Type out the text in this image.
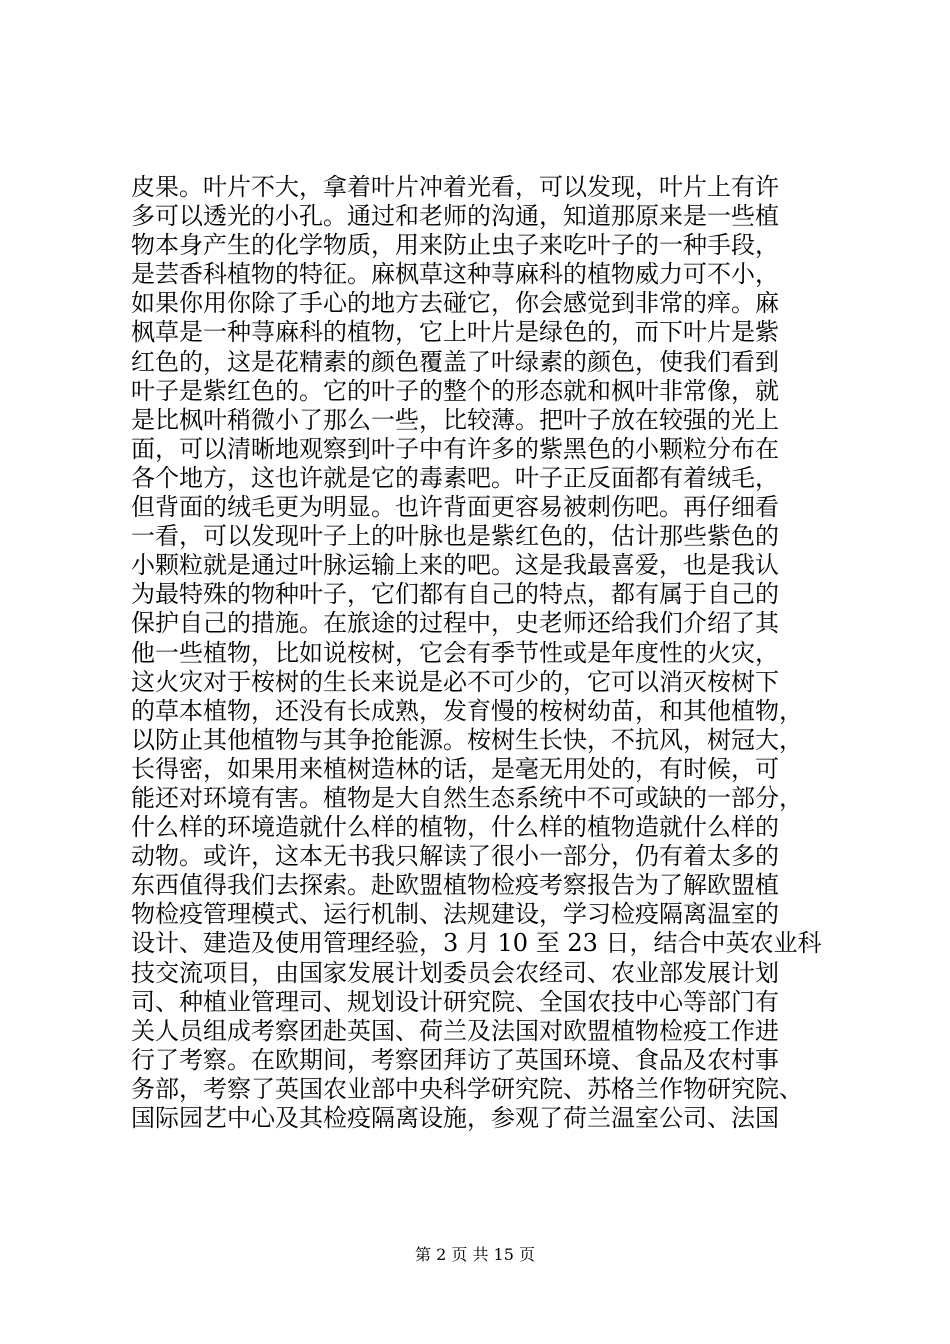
皮果。叶片不大，拿着叶片冲着光看，可以发现，叶片上有许
多可以透光的小孔。通过和老师的沟通，知道那原来是一些植
物本身产生的化学物质，用来防止虫子来吃叶子的一种手段，
是芸香科植物的特征。麻枫草这种荨麻科的植物威力可不小，
如果你用你除了手心的地方去碰它，你会感觉到非常的痒。麻
枫草是一种荨麻科的植物，它上叶片是绿色的，而下叶片是紫
红色的，这是花精素的颜色覆盖了叶绿素的颜色，使我们看到
叶子是紫红色的。它的叶子的整个的形态就和枫叶非常像，就
是比枫叶稍微小了那么一些，比较薄。把叶子放在较强的光上
面，可以清晰地观察到叶子中有许多的紫黑色的小颗粒分布在
各个地方，这也许就是它的毒素吧。叶子正反面都有着绒毛，
但背面的绒毛更为明显。也许背面更容易被刺伤吧。再仔细看
一看，可以发现叶子上的叶脉也是紫红色的，估计那些紫色的
小颗粒就是通过叶脉运输上来的吧。这是我最喜爱，也是我认
为最特殊的物种叶子，它们都有自己的特点，都有属于自己的
保护自己的措施。在旅途的过程中，史老师还给我们介绍了其
他一些植物，比如说桉树，它会有季节性或是年度性的火灾，
这火灾对于桉树的生长来说是必不可少的，它可以消灭桉树下
的草本植物，还没有长成熟，发育慢的桉树幼苗，和其他植物，
以防止其他植物与其争抢能源。桉树生长快，不抗风，树冠大，
长得密，如果用来植树造林的话，是毫无用处的，有时候，可
能还对环境有害。植物是大自然生态系统中不可或缺的一部分，
什么样的环境造就什么样的植物，什么样的植物造就什么样的
动物。或许，这本无书我只解读了很小一部分，仍有着太多的
东西值得我们去探索。赴欧盟植物检疫考察报告为了解欧盟植
物检疫管理模式、运行机制、法规建设，学习检疫隔离温室的
设计、建造及使用管理经验，3 月 10 至 23 日，结合中英农业科
技交流项目，由国家发展计划委员会农经司、农业部发展计划
司、种植业管理司、规划设计研究院、全国农技中心等部门有
关人员组成考察团赴英国、荷兰及法国对欧盟植物检疫工作进
行了考察。在欧期间，考察团拜访了英国环境、食品及农村事
务部，考察了英国农业部中央科学研究院、苏格兰作物研究院、
国际园艺中心及其检疫隔离设施，参观了荷兰温室公司、法国
第 2 页 共 15 页
